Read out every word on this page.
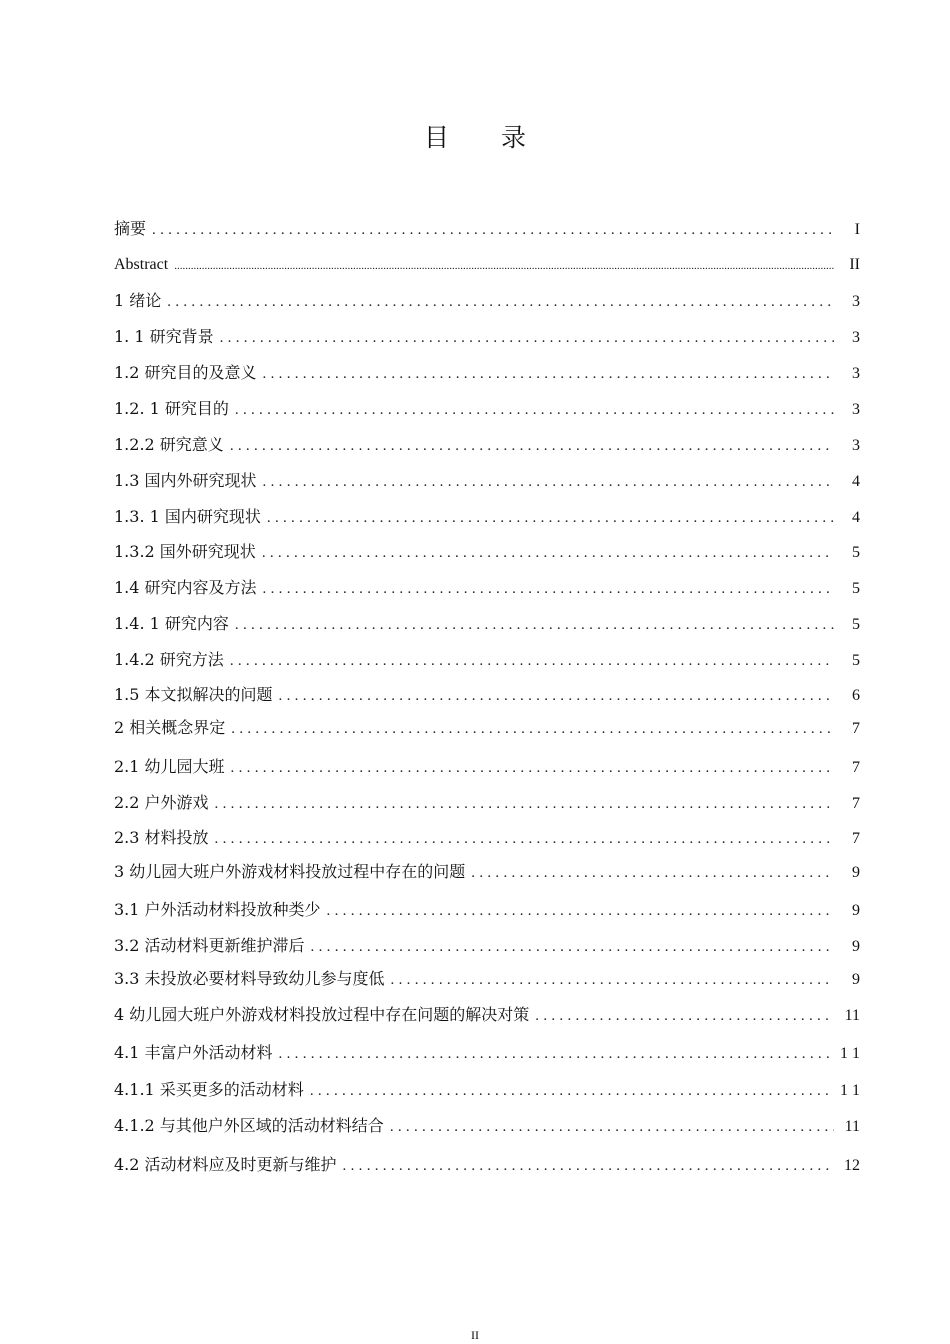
目 录
摘要 .....	I
Abstract .....	II
1 绪论 .....	3
1. 1 研究背景 .....	3
1.2 研究目的及意义 .....	3
1.2. 1 研究目的 .....	3
1.2.2 研究意义 .....	3
1.3 国内外研究现状 .....	4
1.3. 1 国内研究现状 .....	4
1.3.2 国外研究现状 .....	5
1.4 研究内容及方法 .....	5
1.4. 1 研究内容 .....	5
1.4.2 研究方法 .....	5
1.5 本文拟解决的问题 .....	6
2 相关概念界定 .....	7
2.1 幼儿园大班 .....	7
2.2 户外游戏 .....	7
2.3 材料投放 .....	7
3 幼儿园大班户外游戏材料投放过程中存在的问题 .....	9
3.1 户外活动材料投放种类少 .....	9
3.2 活动材料更新维护滞后 .....	9
3.3 未投放必要材料导致幼儿参与度低 .....	9
4 幼儿园大班户外游戏材料投放过程中存在问题的解决对策 .....	11
4.1 丰富户外活动材料 .....	1 1
4.1.1 采买更多的活动材料 .....	1 1
4.1.2 与其他户外区域的活动材料结合 .....	11
4.2 活动材料应及时更新与维护 .....	12
II
